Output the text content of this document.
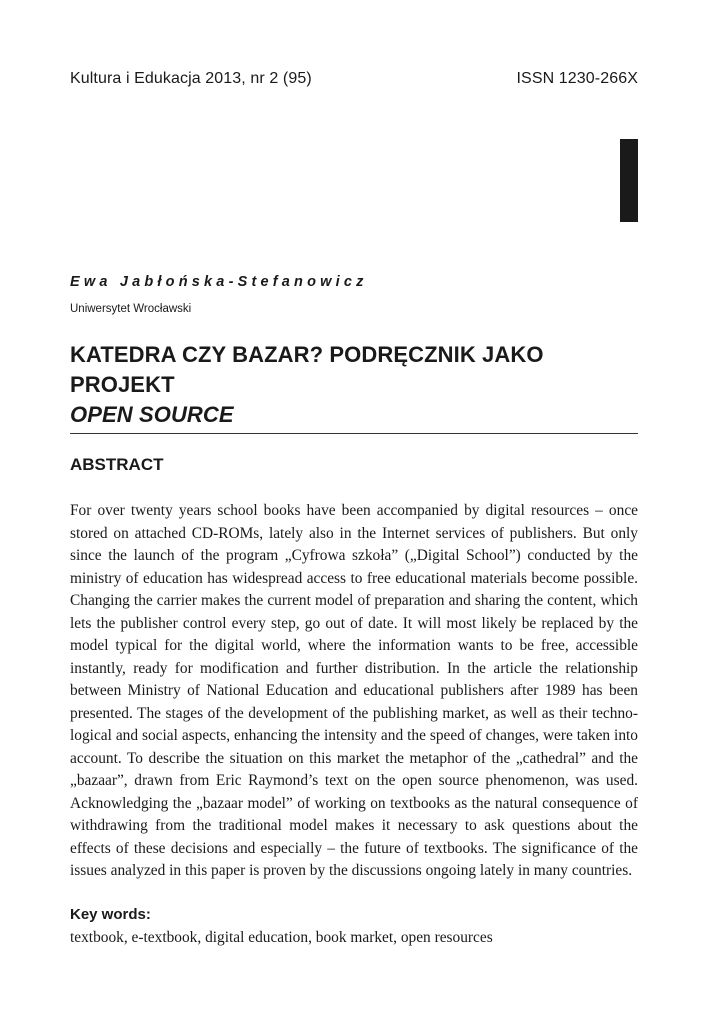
Kultura i Edukacja 2013, nr 2 (95)	ISSN 1230-266X
Ewa Jabłońska-Stefanowicz
Uniwersytet Wrocławski
KATEDRA CZY BAZAR? PODRĘCZNIK JAKO PROJEKT
OPEN SOURCE
ABSTRACT

For over twenty years school books have been accompanied by digital resources – once stored on attached CD-ROMs, lately also in the Internet services of publishers. But only since the launch of the program „Cyfrowa szkoła” („Digital School”) conducted by the ministry of education has widespread access to free educational materials become possible. Changing the carrier makes the current model of preparation and sharing the content, which lets the publisher control every step, go out of date. It will most likely be replaced by the model typical for the digital world, where the information wants to be free, accessible instantly, ready for modification and further distribution. In the article the relationship between Ministry of National Education and educational publishers after 1989 has been presented. The stages of the development of the publishing market, as well as their technological and social aspects, enhancing the intensity and the speed of changes, were taken into account. To describe the situation on this market the metaphor of the „cathedral” and the „bazaar”, drawn from Eric Raymond’s text on the open source phenomenon, was used. Acknowledging the „bazaar model” of working on textbooks as the natural consequence of withdrawing from the traditional model makes it necessary to ask questions about the effects of these decisions and especially – the future of textbooks. The significance of the issues analyzed in this paper is proven by the discussions ongoing lately in many countries.

Key words:
textbook, e-textbook, digital education, book market, open resources
